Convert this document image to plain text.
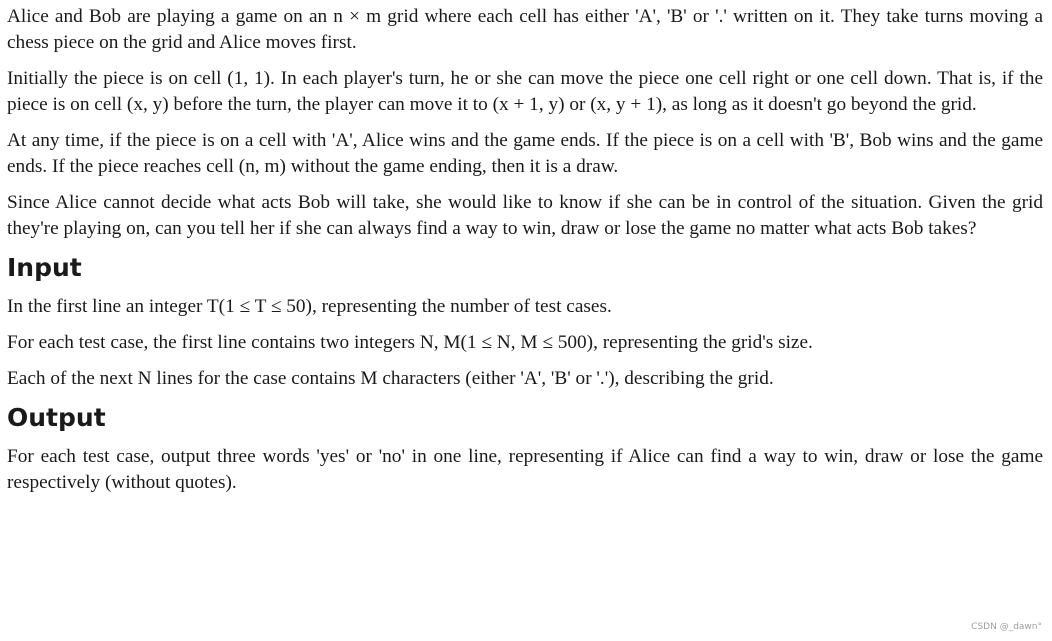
Alice and Bob are playing a game on an n × m grid where each cell has either 'A', 'B' or '.' written on it. They take turns moving a chess piece on the grid and Alice moves first.

Initially the piece is on cell (1, 1). In each player's turn, he or she can move the piece one cell right or one cell down. That is, if the piece is on cell (x, y) before the turn, the player can move it to (x + 1, y) or (x, y + 1), as long as it doesn't go beyond the grid.

At any time, if the piece is on a cell with 'A', Alice wins and the game ends. If the piece is on a cell with 'B', Bob wins and the game ends. If the piece reaches cell (n, m) without the game ending, then it is a draw.

Since Alice cannot decide what acts Bob will take, she would like to know if she can be in control of the situation. Given the grid they're playing on, can you tell her if she can always find a way to win, draw or lose the game no matter what acts Bob takes?

Input

In the first line an integer T(1 ≤ T ≤ 50), representing the number of test cases.

For each test case, the first line contains two integers N, M(1 ≤ N, M ≤ 500), representing the grid's size.

Each of the next N lines for the case contains M characters (either 'A', 'B' or '.'), describing the grid.

Output

For each test case, output three words 'yes' or 'no' in one line, representing if Alice can find a way to win, draw or lose the game respectively (without quotes).

CSDN @_dawn°
